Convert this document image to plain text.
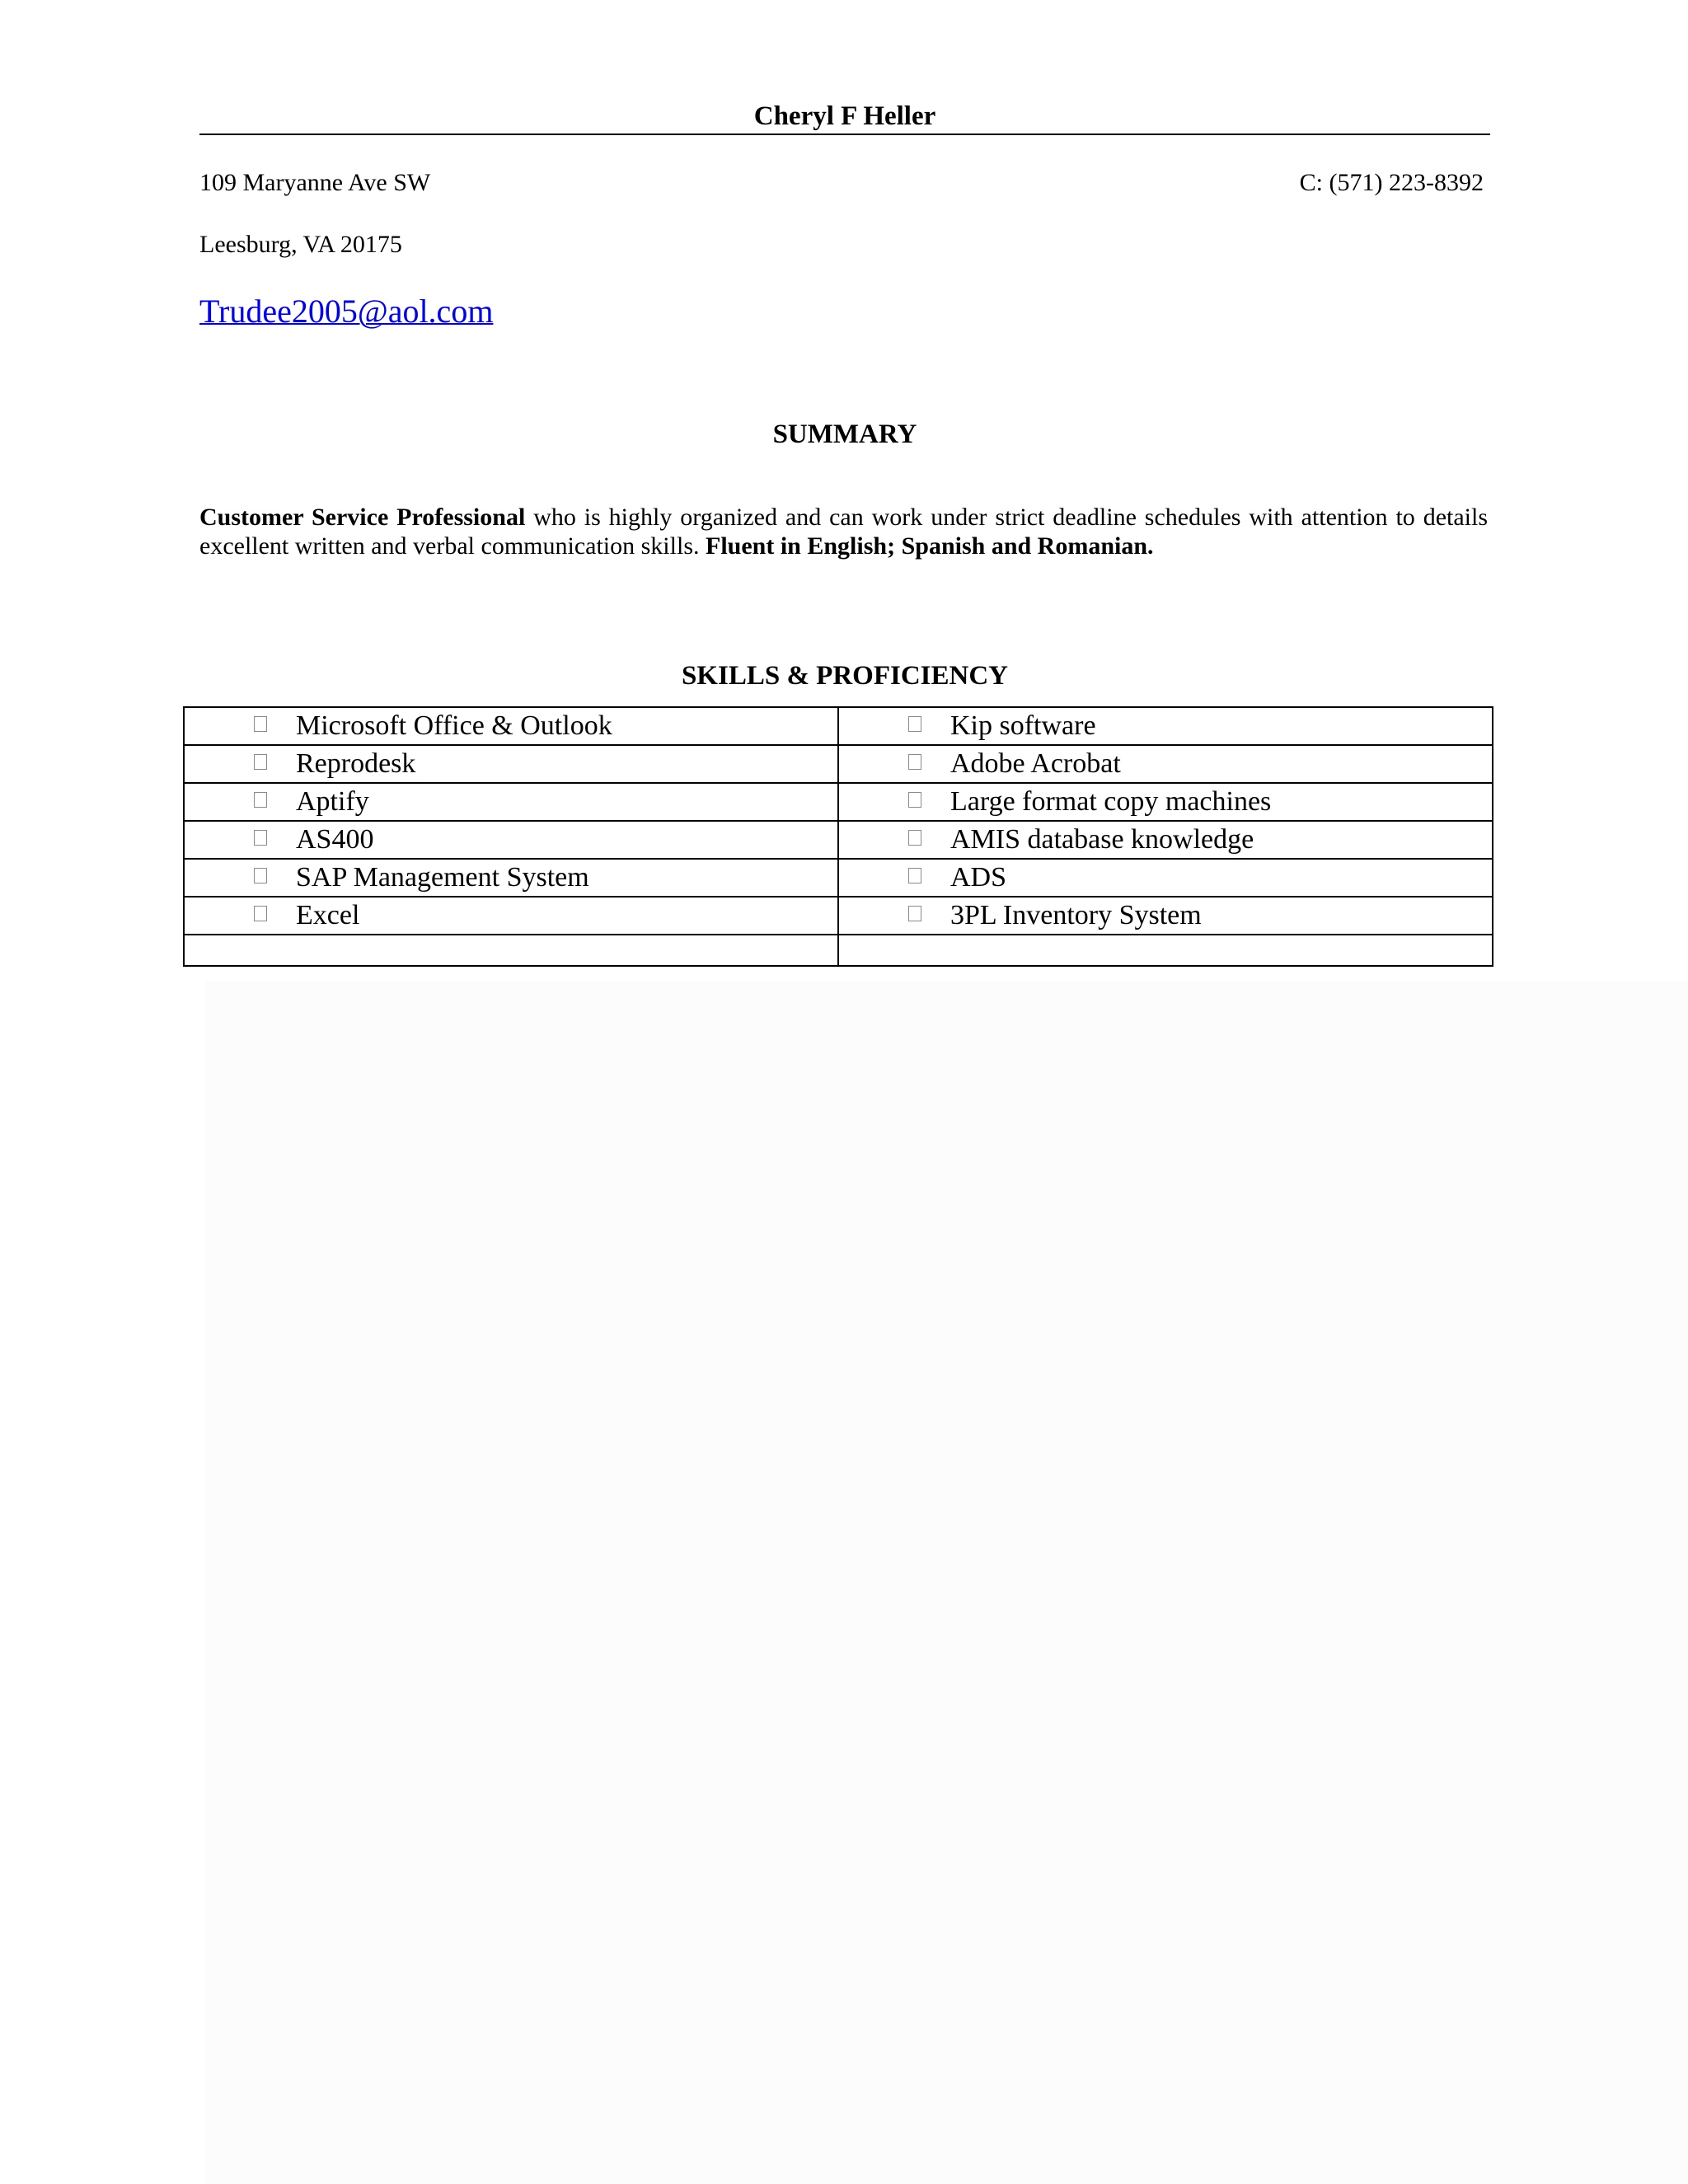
Cheryl F Heller
109 Maryanne Ave SW	C: (571) 223-8392
Leesburg, VA 20175
Trudee2005@aol.com
SUMMARY
Customer Service Professional who is highly organized and can work under strict deadline schedules with attention to details excellent written and verbal communication skills. Fluent in English; Spanish and Romanian.
SKILLS & PROFICIENCY
Microsoft Office & Outlook	Kip software

Reprodesk	Adobe Acrobat

Aptify	Large format copy machines

AS400	AMIS database knowledge

SAP Management System	ADS

Excel	3PL Inventory System
